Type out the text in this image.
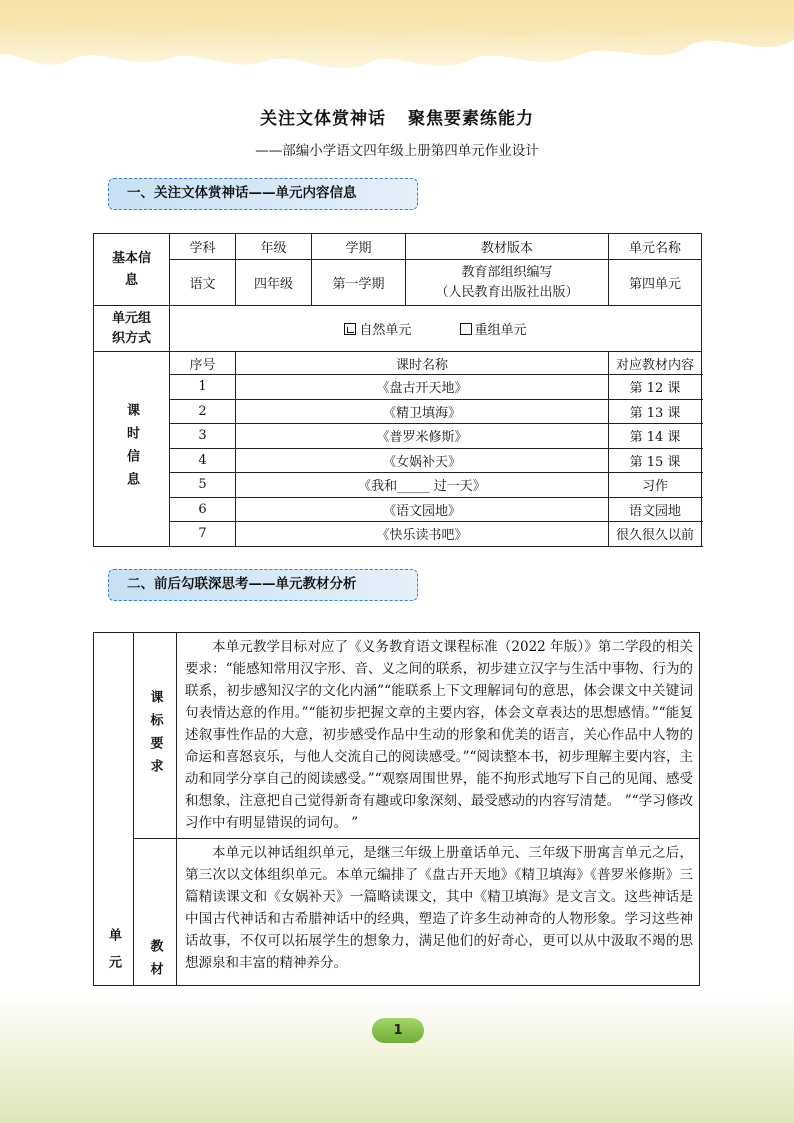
关注文体赏神话 聚焦要素练能力
——部编小学语文四年级上册第四单元作业设计
一、关注文体赏神话——单元内容信息
基本信息	学科	年级	学期	教材版本	单元名称
	语文	四年级	第一学期	教育部组织编写
（人民教育出版社出版）	第四单元

单元组织方式	自然单元 重组单元				

课时信息	序号	课时名称			对应教材内容
	1	《盘古开天地》			第 12 课
	2	《精卫填海》			第 13 课
	3	《普罗米修斯》			第 14 课
	4	《女娲补天》			第 15 课
	5	《我和_____ 过一天》			习作
	6	《语文园地》			语文园地
	7	《快乐读书吧》			很久很久以前
二、前后勾联深思考——单元教材分析
单元	课标要求	本单元教学目标对应了《义务教育语文课程标准（2022 年版）》第二学段的相关要求：“能感知常用汉字形、音、义之间的联系，初步建立汉字与生活中事物、行为的联系，初步感知汉字的文化内涵”“能联系上下文理解词句的意思，体会课文中关键词句表情达意的作用。”“能初步把握文章的主要内容，体会文章表达的思想感情。”“能复述叙事性作品的大意，初步感受作品中生动的形象和优美的语言，关心作品中人物的命运和喜怒哀乐，与他人交流自己的阅读感受。”“阅读整本书，初步理解主要内容，主动和同学分享自己的阅读感受。”“观察周围世界，能不拘形式地写下自己的见闻、感受和想象，注意把自己觉得新奇有趣或印象深刻、最受感动的内容写清楚。 ”“学习修改习作中有明显错误的词句。 ”

	教材	本单元以神话组织单元，是继三年级上册童话单元、三年级下册寓言单元之后，第三次以文体组织单元。本单元编排了《盘古开天地》《精卫填海》《普罗米修斯》三篇精读课文和《女娲补天》一篇略读课文，其中《精卫填海》是文言文。这些神话是中国古代神话和古希腊神话中的经典，塑造了许多生动神奇的人物形象。学习这些神话故事，不仅可以拓展学生的想象力，满足他们的好奇心，更可以从中汲取不竭的思想源泉和丰富的精神养分。
1
